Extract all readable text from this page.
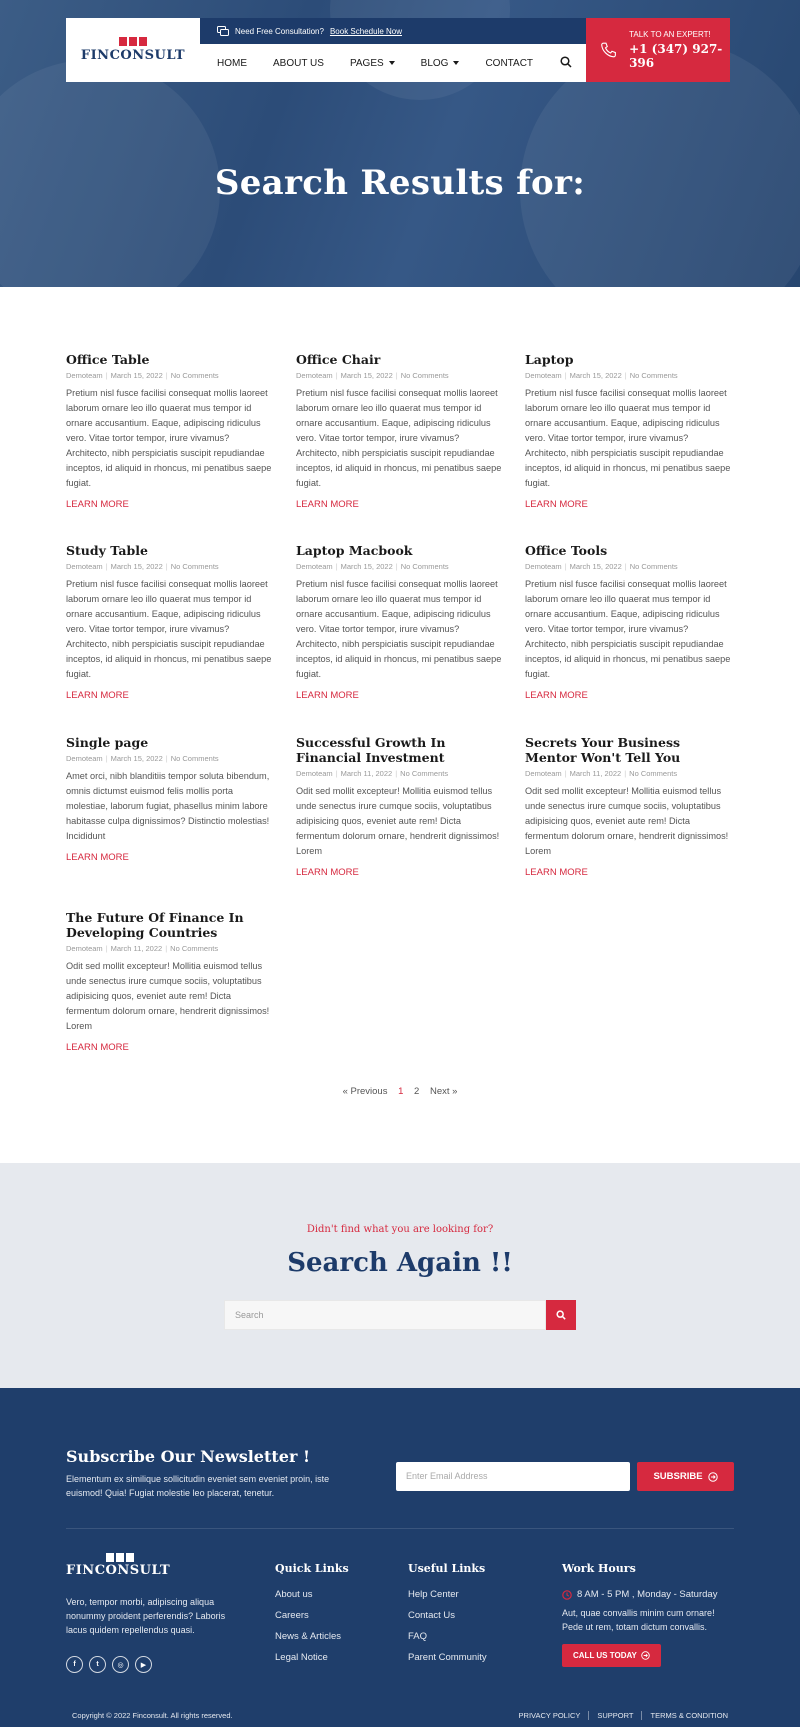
FINCONSULT
Need Free Consultation? Book Schedule Now
HOME	ABOUT US	PAGES	BLOG	CONTACT
TALK TO AN EXPERT!
+1 (347) 927-396
Search Results for:
Office Table
Demoteam | March 15, 2022 | No Comments

Pretium nisl fusce facilisi consequat mollis laoreet laborum ornare leo illo quaerat mus tempor id ornare accusantium. Eaque, adipiscing ridiculus vero. Vitae tortor tempor, irure vivamus? Architecto, nibh perspiciatis suscipit repudiandae inceptos, id aliquid in rhoncus, mi penatibus saepe fugiat.

LEARN MORE
Office Chair
Demoteam | March 15, 2022 | No Comments

Pretium nisl fusce facilisi consequat mollis laoreet laborum ornare leo illo quaerat mus tempor id ornare accusantium. Eaque, adipiscing ridiculus vero. Vitae tortor tempor, irure vivamus? Architecto, nibh perspiciatis suscipit repudiandae inceptos, id aliquid in rhoncus, mi penatibus saepe fugiat.

LEARN MORE
Laptop
Demoteam | March 15, 2022 | No Comments

Pretium nisl fusce facilisi consequat mollis laoreet laborum ornare leo illo quaerat mus tempor id ornare accusantium. Eaque, adipiscing ridiculus vero. Vitae tortor tempor, irure vivamus? Architecto, nibh perspiciatis suscipit repudiandae inceptos, id aliquid in rhoncus, mi penatibus saepe fugiat.

LEARN MORE
Study Table
Demoteam | March 15, 2022 | No Comments

Pretium nisl fusce facilisi consequat mollis laoreet laborum ornare leo illo quaerat mus tempor id ornare accusantium. Eaque, adipiscing ridiculus vero. Vitae tortor tempor, irure vivamus? Architecto, nibh perspiciatis suscipit repudiandae inceptos, id aliquid in rhoncus, mi penatibus saepe fugiat.

LEARN MORE
Laptop Macbook
Demoteam | March 15, 2022 | No Comments

Pretium nisl fusce facilisi consequat mollis laoreet laborum ornare leo illo quaerat mus tempor id ornare accusantium. Eaque, adipiscing ridiculus vero. Vitae tortor tempor, irure vivamus? Architecto, nibh perspiciatis suscipit repudiandae inceptos, id aliquid in rhoncus, mi penatibus saepe fugiat.

LEARN MORE
Office Tools
Demoteam | March 15, 2022 | No Comments

Pretium nisl fusce facilisi consequat mollis laoreet laborum ornare leo illo quaerat mus tempor id ornare accusantium. Eaque, adipiscing ridiculus vero. Vitae tortor tempor, irure vivamus? Architecto, nibh perspiciatis suscipit repudiandae inceptos, id aliquid in rhoncus, mi penatibus saepe fugiat.

LEARN MORE
Single page
Demoteam | March 15, 2022 | No Comments

Amet orci, nibh blanditiis tempor soluta bibendum, omnis dictumst euismod felis mollis porta molestiae, laborum fugiat, phasellus minim labore habitasse culpa dignissimos? Distinctio molestias! Incididunt

LEARN MORE
Successful Growth In Financial Investment
Demoteam | March 11, 2022 | No Comments

Odit sed mollit excepteur! Mollitia euismod tellus unde senectus irure cumque sociis, voluptatibus adipisicing quos, eveniet aute rem! Dicta fermentum dolorum ornare, hendrerit dignissimos! Lorem

LEARN MORE
Secrets Your Business Mentor Won't Tell You
Demoteam | March 11, 2022 | No Comments

Odit sed mollit excepteur! Mollitia euismod tellus unde senectus irure cumque sociis, voluptatibus adipisicing quos, eveniet aute rem! Dicta fermentum dolorum ornare, hendrerit dignissimos! Lorem

LEARN MORE
The Future Of Finance In Developing Countries
Demoteam | March 11, 2022 | No Comments

Odit sed mollit excepteur! Mollitia euismod tellus unde senectus irure cumque sociis, voluptatibus adipisicing quos, eveniet aute rem! Dicta fermentum dolorum ornare, hendrerit dignissimos! Lorem

LEARN MORE
« Previous 1 2 Next »
Didn't find what you are looking for?
Search Again !!
Search
Subscribe Our Newsletter !
Elementum ex similique sollicitudin eveniet sem eveniet proin, iste euismod! Quia! Fugiat molestie leo placerat, tenetur.
Enter Email Address	SUBSRIBE
FINCONSULT
Vero, tempor morbi, adipiscing aliqua nonummy proident perferendis? Laboris lacus quidem repellendus quasi.
f	t	◎	▶
Quick Links
About us
Careers
News & Articles
Legal Notice
Useful Links
Help Center
Contact Us
FAQ
Parent Community
Work Hours
8 AM - 5 PM , Monday - Saturday
Aut, quae convallis minim cum ornare! Pede ut rem, totam dictum convallis.
CALL US TODAY
Copyright © 2022 Finconsult. All rights reserved.	PRIVACY POLICY	SUPPORT	TERMS & CONDITION
